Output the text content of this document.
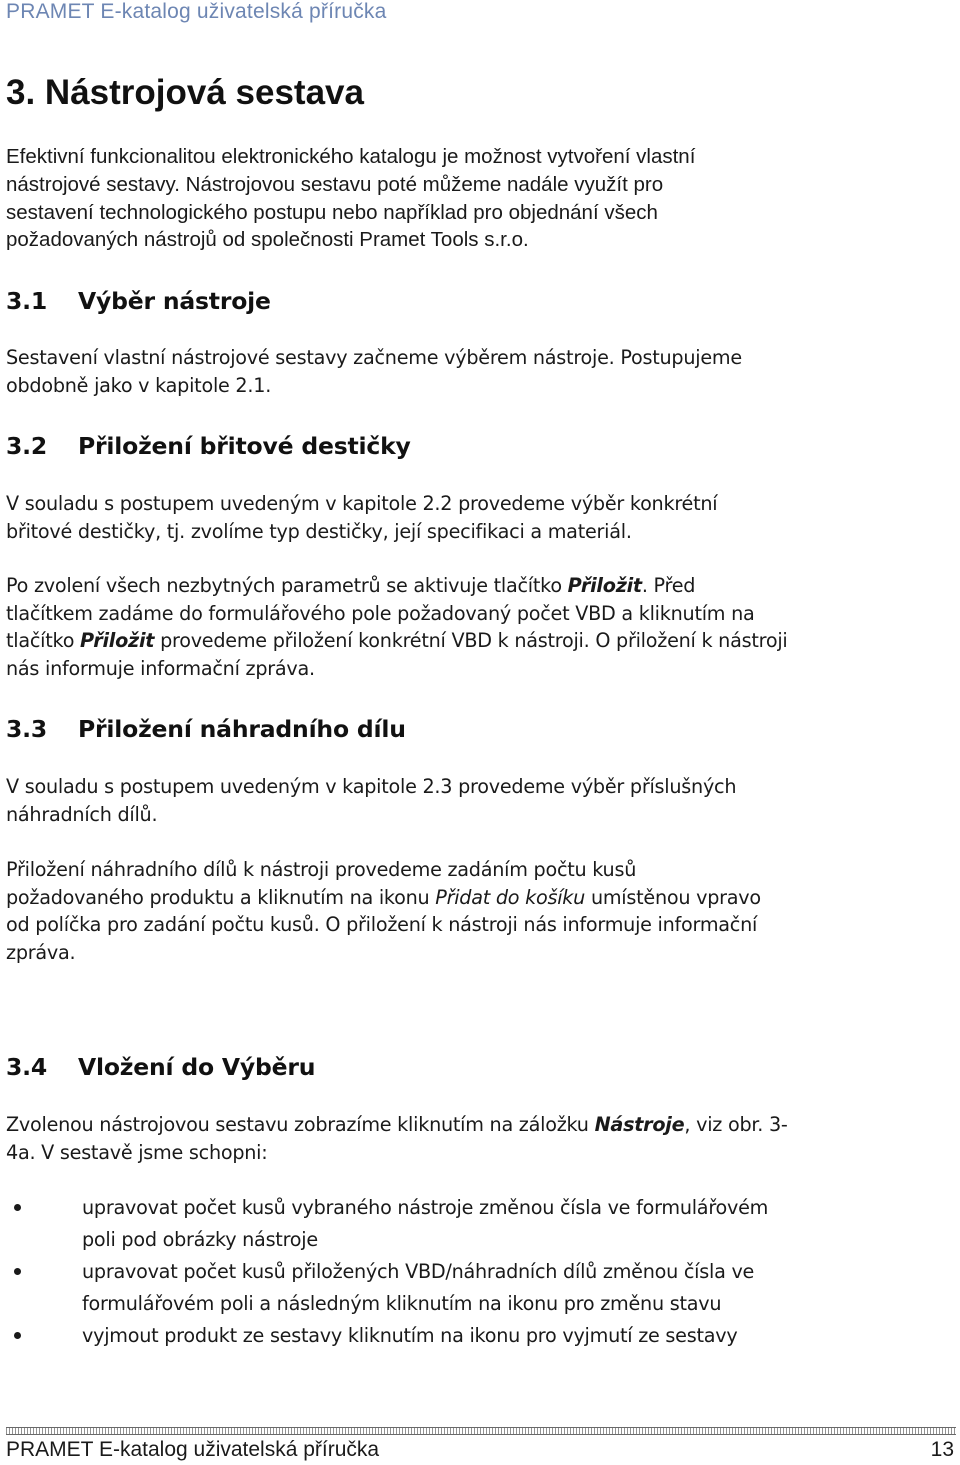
PRAMET E-katalog uživatelská příručka
3. Nástrojová sestava
Efektivní funkcionalitou elektronického katalogu je možnost vytvoření vlastní
nástrojové sestavy. Nástrojovou sestavu poté můžeme nadále využít pro
sestavení technologického postupu nebo například pro objednání všech
požadovaných nástrojů od společnosti Pramet Tools s.r.o.
3.1	Výběr nástroje
Sestavení vlastní nástrojové sestavy začneme výběrem nástroje. Postupujeme
obdobně jako v kapitole 2.1.
3.2	Přiložení břitové destičky
V souladu s postupem uvedeným v kapitole 2.2 provedeme výběr konkrétní
břitové destičky, tj. zvolíme typ destičky, její specifikaci a materiál.
Po zvolení všech nezbytných parametrů se aktivuje tlačítko Přiložit. Před
tlačítkem zadáme do formulářového pole požadovaný počet VBD a kliknutím na
tlačítko Přiložit provedeme přiložení konkrétní VBD k nástroji. O přiložení k nástroji
nás informuje informační zpráva.
3.3	Přiložení náhradního dílu
V souladu s postupem uvedeným v kapitole 2.3 provedeme výběr příslušných
náhradních dílů.
Přiložení náhradního dílů k nástroji provedeme zadáním počtu kusů
požadovaného produktu a kliknutím na ikonu Přidat do košíku umístěnou vpravo
od políčka pro zadání počtu kusů. O přiložení k nástroji nás informuje informační
zpráva.
3.4	Vložení do Výběru
Zvolenou nástrojovou sestavu zobrazíme kliknutím na záložku Nástroje, viz obr. 3-
4a. V sestavě jsme schopni:
upravovat počet kusů vybraného nástroje změnou čísla ve formulářovém
poli pod obrázky nástroje
upravovat počet kusů přiložených VBD/náhradních dílů změnou čísla ve
formulářovém poli a následným kliknutím na ikonu pro změnu stavu
vyjmout produkt ze sestavy kliknutím na ikonu pro vyjmutí ze sestavy
PRAMET E-katalog uživatelská příručka	13
